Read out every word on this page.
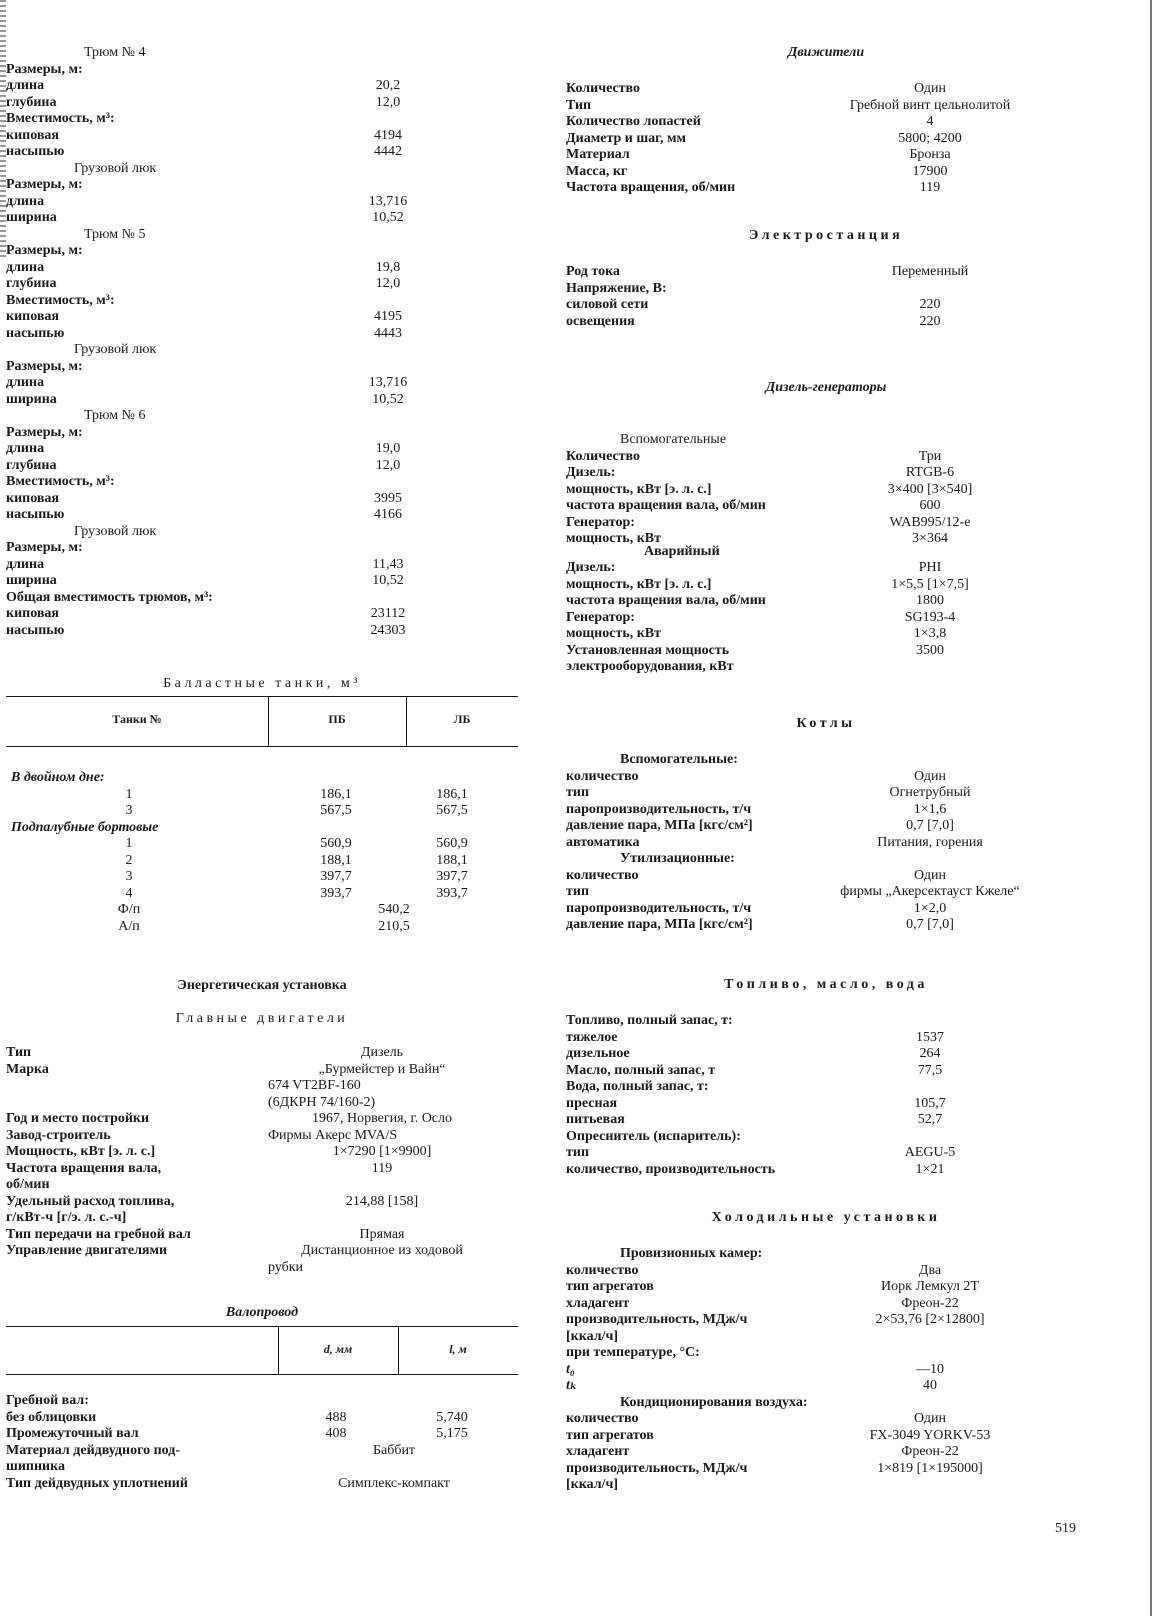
Трюм № 4
Размеры, м:
длина	20,2
глубина	12,0
Вместимость, м³:
киповая	4194
насыпью	4442
Грузовой люк
Размеры, м:
длина	13,716
ширина	10,52
Трюм № 5
Размеры, м:
длина	19,8
глубина	12,0
Вместимость, м³:
киповая	4195
насыпью	4443
Грузовой люк
Размеры, м:
длина	13,716
ширина	10,52
Трюм № 6
Размеры, м:
длина	19,0
глубина	12,0
Вместимость, м³:
киповая	3995
насыпью	4166
Грузовой люк
Размеры, м:
длина	11,43
ширина	10,52
Общая вместимость трюмов, м³:
киповая	23112
насыпью	24303
Балластные танки, м³
Танки №	ПБ	ЛБ
В двойном дне:
1	186,1	186,1
3	567,5	567,5
Подпалубные бортовые
1	560,9	560,9
2	188,1	188,1
3	397,7	397,7
4	393,7	393,7
Ф/п	540,2
А/п	210,5
Энергетическая установка
Главные двигатели
Тип	Дизель
Марка	„Бурмейстер и Вайн“
674 VT2BF-160
(6ДКРН 74/160-2)
Год и место постройки	1967, Норвегия, г. Осло
Завод-строитель	Фирмы Акерс MVA/S
Мощность, кВт [э. л. с.]	1×7290 [1×9900]
Частота вращения вала,	119
об/мин
Удельный расход топлива,	214,88 [158]
г/кВт-ч [г/э. л. с.-ч]
Тип передачи на гребной вал	Прямая
Управление двигателями	Дистанционное из ходовой
рубки
Валопровод
d, мм	l, м
Гребной вал:
без облицовки	488	5,740
Промежуточный вал	408	5,175
Материал дейдвудного под-	Баббит
шипника
Тип дейдвудных уплотнений	Симплекс-компакт
Движители
Количество	Один
Тип	Гребной винт цельнолитой
Количество лопастей	4
Диаметр и шаг, мм	5800; 4200
Материал	Бронза
Масса, кг	17900
Частота вращения, об/мин	119
Электростанция
Род тока	Переменный
Напряжение, В:
силовой сети	220
освещения	220
Дизель-генераторы
Вспомогательные
Количество	Три
Дизель:	RTGB-6
мощность, кВт [э. л. с.]	3×400 [3×540]
частота вращения вала, об/мин	600
Генератор:	WAB995/12-е
мощность, кВт	3×364
Аварийный
Дизель:	PHI
мощность, кВт [э. л. с.]	1×5,5 [1×7,5]
частота вращения вала, об/мин	1800
Генератор:	SG193-4
мощность, кВт	1×3,8
Установленная мощность	3500
электрооборудования, кВт
Котлы
Вспомогательные:
количество	Один
тип	Огнетрубный
паропроизводительность, т/ч	1×1,6
давление пара, МПа [кгс/см²]	0,7 [7,0]
автоматика	Питания, горения
Утилизационные:
количество	Один
тип	фирмы „Акерсектауст Кжеле“
паропроизводительность, т/ч	1×2,0
давление пара, МПа [кгс/см²]	0,7 [7,0]
Топливо, масло, вода
Топливо, полный запас, т:
тяжелое	1537
дизельное	264
Масло, полный запас, т	77,5
Вода, полный запас, т:
пресная	105,7
питьевая	52,7
Опреснитель (испаритель):
тип	AEGU-5
количество, производительность	1×21
Холодильные установки
Провизионных камер:
количество	Два
тип агрегатов	Иорк Лемкул 2Т
хладагент	Фреон-22
производительность, МДж/ч	2×53,76 [2×12800]
[ккал/ч]
при температуре, °C:
t₀	—10
tₖ	40
Кондиционирования воздуха:
количество	Один
тип агрегатов	FX-3049 YORKV-53
хладагент	Фреон-22
производительность, МДж/ч	1×819 [1×195000]
[ккал/ч]
519
